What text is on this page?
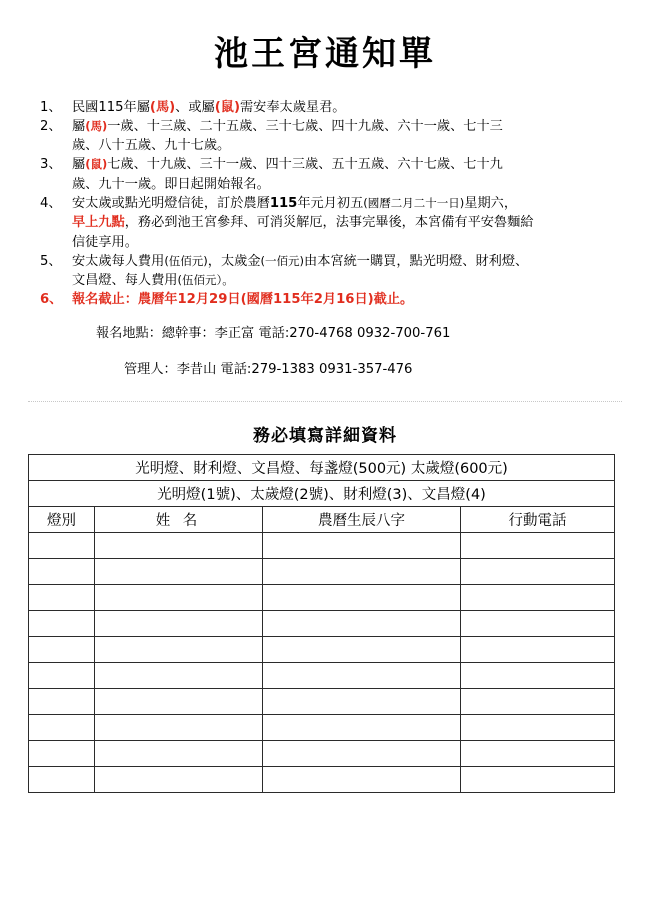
池王宮通知單
1、 民國115年屬(馬)、或屬(鼠)需安奉太歲星君。
2、 屬(馬)一歲、十三歲、二十五歲、三十七歲、四十九歲、六十一歲、七十三
歲、八十五歲、九十七歲。
3、 屬(鼠)七歲、十九歲、三十一歲、四十三歲、五十五歲、六十七歲、七十九
歲、九十一歲。即日起開始報名。
4、 安太歲或點光明燈信徒，訂於農曆115年元月初五(國曆二月二十一日)星期六，
早上九點，務必到池王宮參拜、可消災解厄，法事完畢後，本宮備有平安魯麵給
信徒享用。
5、 安太歲每人費用(伍佰元)，太歲金(一佰元)由本宮統一購買，點光明燈、財利燈、
文昌燈、每人費用(伍佰元）。
6、 報名截止：農曆年12月29日(國曆115年2月16日)截止。
報名地點：總幹事：李正富 電話:270-4768 0932-700-761
管理人：李昔山 電話:279-1383 0931-357-476
務必填寫詳細資料
光明燈、財利燈、文昌燈、每盞燈(500元) 太歲燈(600元)			
光明燈(1號)、太歲燈(2號)、財利燈(3)、文昌燈(4)			
燈別	姓 名	農曆生辰八字	行動電話
